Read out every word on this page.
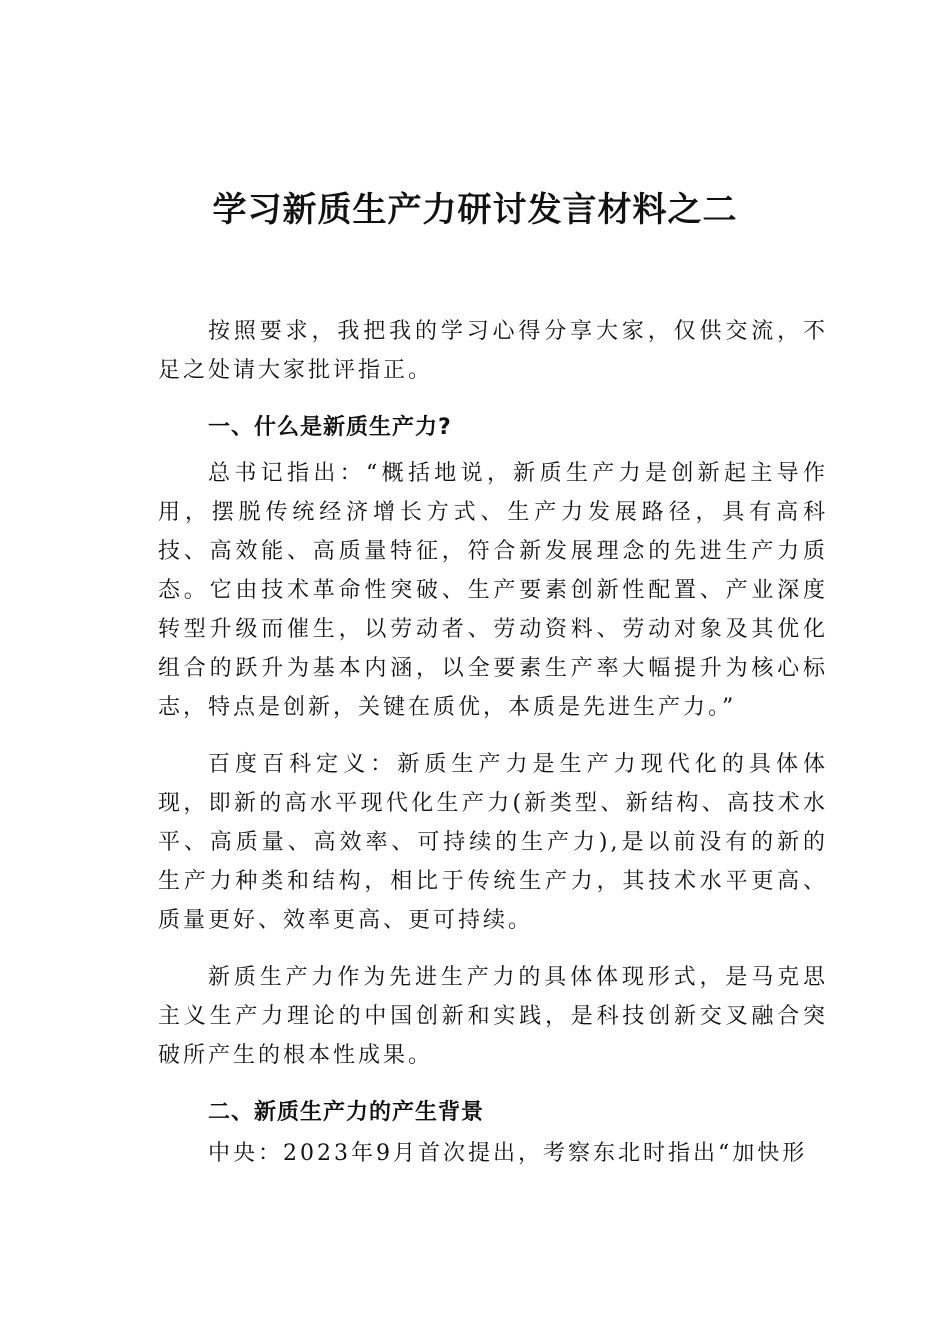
学习新质生产力研讨发言材料之二

按照要求，我把我的学习心得分享大家，仅供交流，不足之处请大家批评指正。

一、什么是新质生产力?

总书记指出：“概括地说，新质生产力是创新起主导作用，摆脱传统经济增长方式、生产力发展路径，具有高科技、高效能、高质量特征，符合新发展理念的先进生产力质态。它由技术革命性突破、生产要素创新性配置、产业深度转型升级而催生，以劳动者、劳动资料、劳动对象及其优化组合的跃升为基本内涵，以全要素生产率大幅提升为核心标志，特点是创新，关键在质优，本质是先进生产力。”

百度百科定义：新质生产力是生产力现代化的具体体现，即新的高水平现代化生产力(新类型、新结构、高技术水平、高质量、高效率、可持续的生产力),是以前没有的新的生产力种类和结构，相比于传统生产力，其技术水平更高、质量更好、效率更高、更可持续。

新质生产力作为先进生产力的具体体现形式，是马克思主义生产力理论的中国创新和实践，是科技创新交叉融合突破所产生的根本性成果。

二、新质生产力的产生背景

中央：2023年9月首次提出，考察东北时指出“加快形
